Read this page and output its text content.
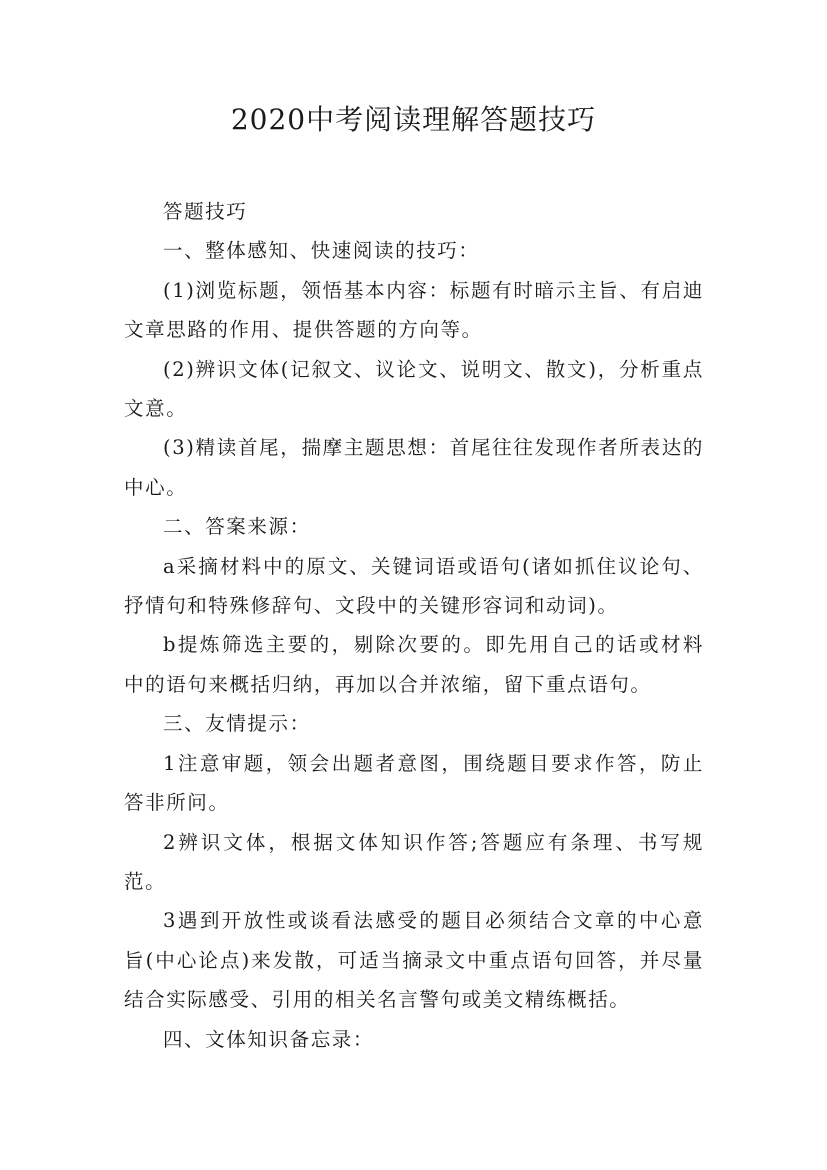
2020中考阅读理解答题技巧

答题技巧

一、整体感知、快速阅读的技巧：

(1)浏览标题，领悟基本内容：标题有时暗示主旨、有启迪文章思路的作用、提供答题的方向等。

(2)辨识文体(记叙文、议论文、说明文、散文)，分析重点文意。

(3)精读首尾，揣摩主题思想：首尾往往发现作者所表达的中心。

二、答案来源：

a采摘材料中的原文、关键词语或语句(诸如抓住议论句、抒情句和特殊修辞句、文段中的关键形容词和动词)。

b提炼筛选主要的，剔除次要的。即先用自己的话或材料中的语句来概括归纳，再加以合并浓缩，留下重点语句。

三、友情提示：

1注意审题，领会出题者意图，围绕题目要求作答，防止答非所问。

2辨识文体，根据文体知识作答;答题应有条理、书写规范。

3遇到开放性或谈看法感受的题目必须结合文章的中心意旨(中心论点)来发散，可适当摘录文中重点语句回答，并尽量结合实际感受、引用的相关名言警句或美文精练概括。

四、文体知识备忘录：
